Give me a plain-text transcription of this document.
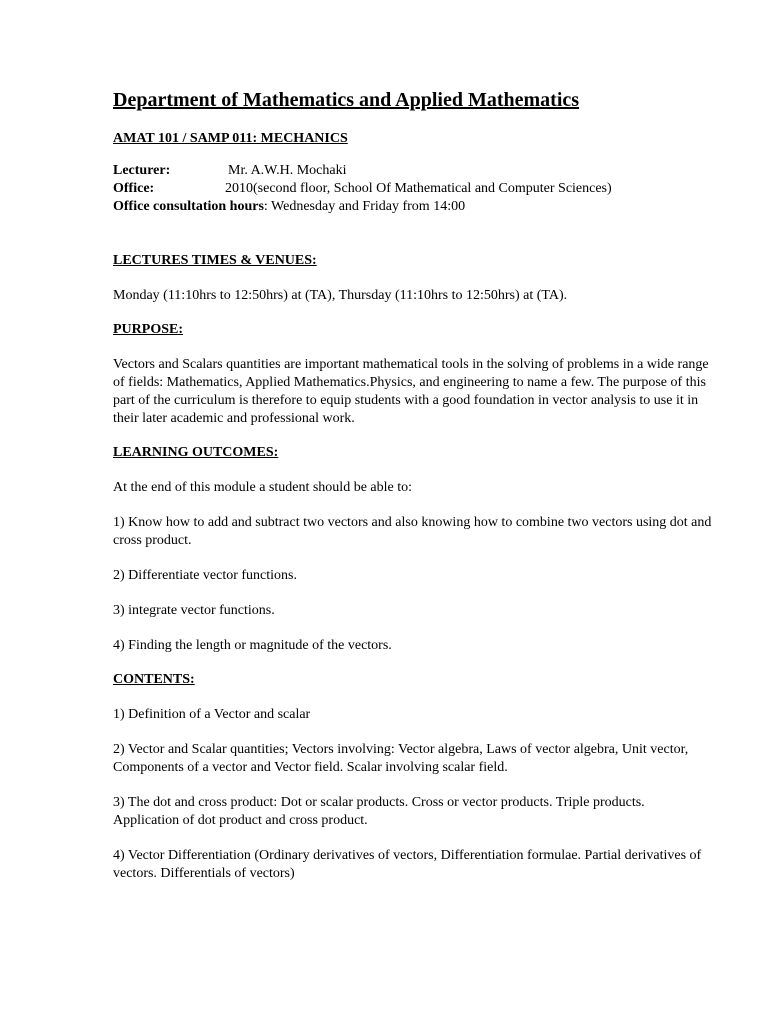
Department of Mathematics and Applied Mathematics
AMAT 101 / SAMP 011: MECHANICS
Lecturer:	Mr. A.W.H. Mochaki
Office:	2010(second floor, School Of Mathematical and Computer Sciences)
Office consultation hours: Wednesday and Friday from 14:00
LECTURES TIMES & VENUES:

Monday (11:10hrs to 12:50hrs) at (TA), Thursday (11:10hrs to 12:50hrs) at (TA).

PURPOSE:

Vectors and Scalars quantities are important mathematical tools in the solving of problems in a wide range of fields: Mathematics, Applied Mathematics.Physics, and engineering to name a few. The purpose of this part of the curriculum is therefore to equip students with a good foundation in vector analysis to use it in their later academic and professional work.

LEARNING OUTCOMES:

At the end of this module a student should be able to:

1) Know how to add and subtract two vectors and also knowing how to combine two vectors using dot and cross product.

2) Differentiate vector functions.

3) integrate vector functions.

4) Finding the length or magnitude of the vectors.

CONTENTS:

1) Definition of a Vector and scalar

2) Vector and Scalar quantities; Vectors involving: Vector algebra, Laws of vector algebra, Unit vector, Components of a vector and Vector field. Scalar involving scalar field.

3) The dot and cross product: Dot or scalar products. Cross or vector products. Triple products. Application of dot product and cross product.

4) Vector Differentiation (Ordinary derivatives of vectors, Differentiation formulae. Partial derivatives of vectors. Differentials of vectors)
